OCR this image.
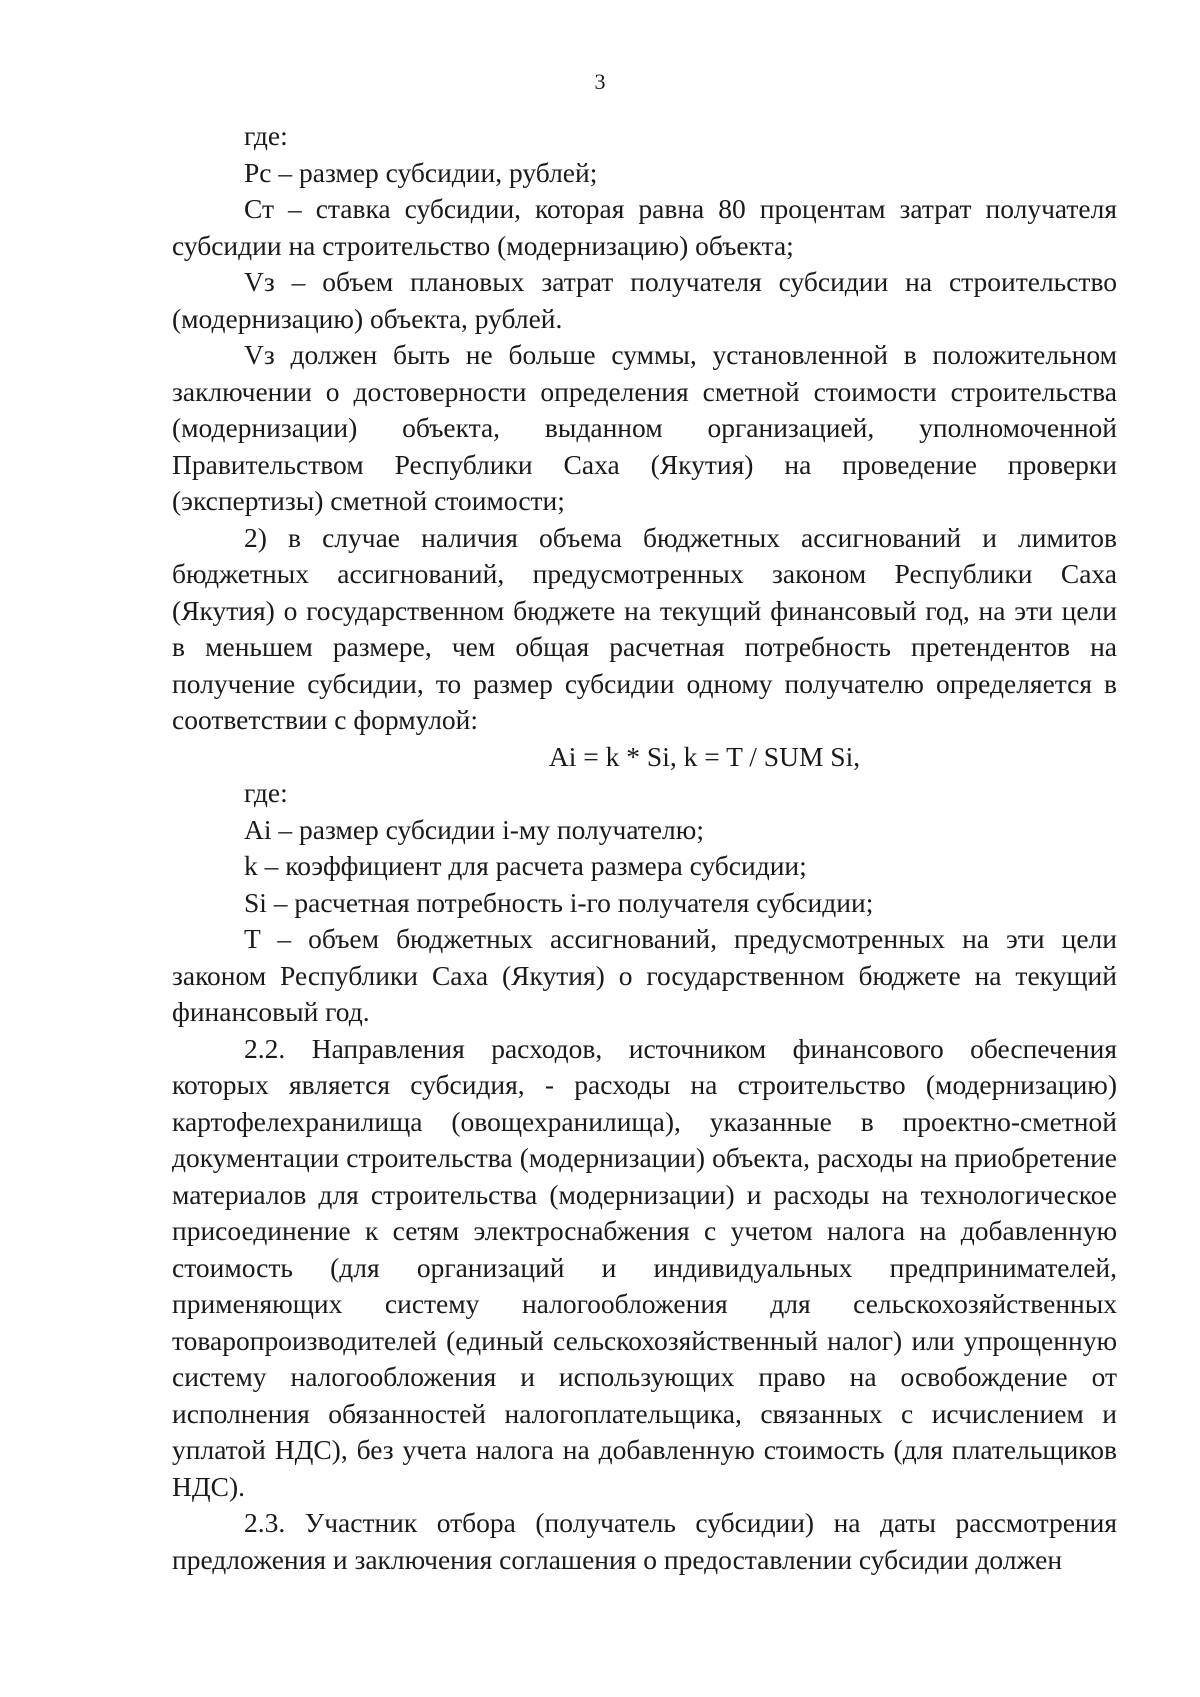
3

где:

Рс – размер субсидии, рублей;

Ст – ставка субсидии, которая равна 80 процентам затрат получателя субсидии на строительство (модернизацию) объекта;

Vз – объем плановых затрат получателя субсидии на строительство (модернизацию) объекта, рублей.

Vз должен быть не больше суммы, установленной в положительном заключении о достоверности определения сметной стоимости строительства (модернизации) объекта, выданном организацией, уполномоченной Правительством Республики Саха (Якутия) на проведение проверки (экспертизы) сметной стоимости;

2) в случае наличия объема бюджетных ассигнований и лимитов бюджетных ассигнований, предусмотренных законом Республики Саха (Якутия) о государственном бюджете на текущий финансовый год, на эти цели в меньшем размере, чем общая расчетная потребность претендентов на получение субсидии, то размер субсидии одному получателю определяется в соответствии с формулой:

Ai = k * Si, k = T / SUM Si,

где:

Ai – размер субсидии i-му получателю;

k – коэффициент для расчета размера субсидии;

Si – расчетная потребность i-го получателя субсидии;

T – объем бюджетных ассигнований, предусмотренных на эти цели законом Республики Саха (Якутия) о государственном бюджете на текущий финансовый год.

2.2. Направления расходов, источником финансового обеспечения которых является субсидия, - расходы на строительство (модернизацию) картофелехранилища (овощехранилища), указанные в проектно-сметной документации строительства (модернизации) объекта, расходы на приобретение материалов для строительства (модернизации) и расходы на технологическое присоединение к сетям электроснабжения с учетом налога на добавленную стоимость (для организаций и индивидуальных предпринимателей, применяющих систему налогообложения для сельскохозяйственных товаропроизводителей (единый сельскохозяйственный налог) или упрощенную систему налогообложения и использующих право на освобождение от исполнения обязанностей налогоплательщика, связанных с исчислением и уплатой НДС), без учета налога на добавленную стоимость (для плательщиков НДС).

2.3. Участник отбора (получатель субсидии) на даты рассмотрения предложения и заключения соглашения о предоставлении субсидии должен
